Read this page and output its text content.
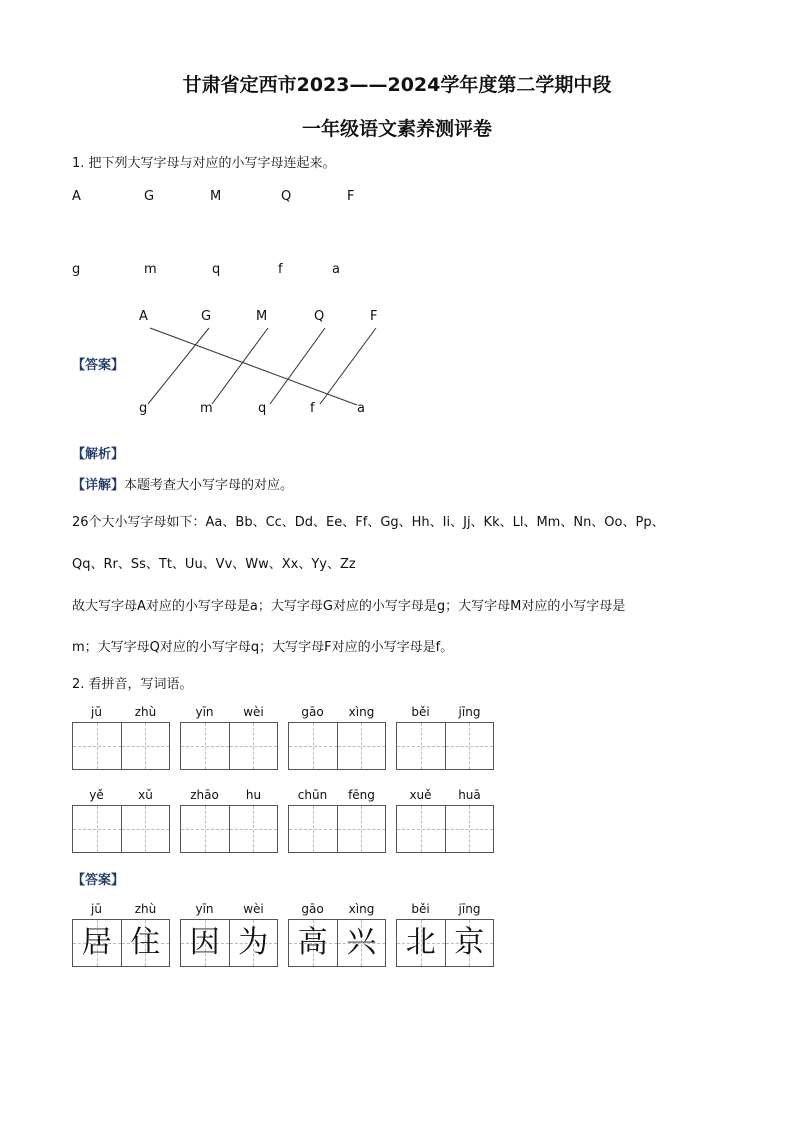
甘肃省定西市2023——2024学年度第二学期中段
一年级语文素养测评卷
1. 把下列大写字母与对应的小写字母连起来。
A	G	M	Q	F
g	m	q	f	a
【答案】
A	G	M	Q	F
g	m	q	f	a
【解析】
【详解】本题考查大小写字母的对应。
26个大小写字母如下：Aa、Bb、Cc、Dd、Ee、Ff、Gg、Hh、Ii、Jj、Kk、Ll、Mm、Nn、Oo、Pp、
Qq、Rr、Ss、Tt、Uu、Vv、Ww、Xx、Yy、Zz
故大写字母A对应的小写字母是a；大写字母G对应的小写字母是g；大写字母M对应的小写字母是
m；大写字母Q对应的小写字母q；大写字母F对应的小写字母是f。
2. 看拼音，写词语。
jū	zhù	yīn	wèi	gāo	xìng	běi	jīng
yě	xǔ	zhāo	hu	chūn	fēng	xuě	huā
【答案】
jū	zhù	yīn	wèi	gāo	xìng	běi	jīng
居 住 因 为 高 兴 北 京
